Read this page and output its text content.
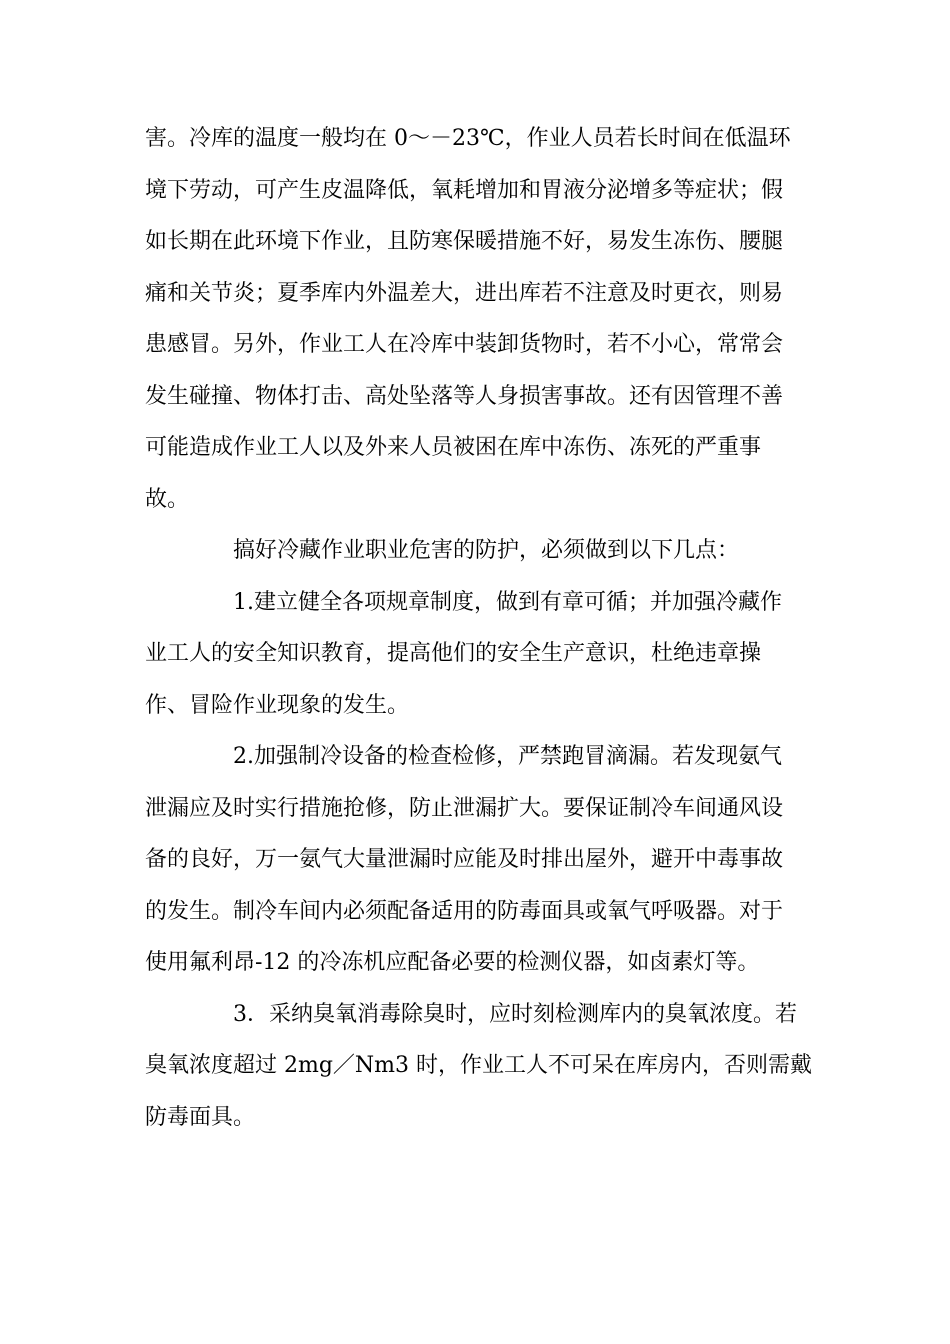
害。冷库的温度一般均在 0～－23℃，作业人员若长时间在低温环
境下劳动，可产生皮温降低，氧耗增加和胃液分泌增多等症状；假
如长期在此环境下作业，且防寒保暖措施不好，易发生冻伤、腰腿
痛和关节炎；夏季库内外温差大，进出库若不注意及时更衣，则易
患感冒。另外，作业工人在冷库中装卸货物时，若不小心，常常会
发生碰撞、物体打击、高处坠落等人身损害事故。还有因管理不善
可能造成作业工人以及外来人员被困在库中冻伤、冻死的严重事
故。
搞好冷藏作业职业危害的防护，必须做到以下几点：
1.建立健全各项规章制度，做到有章可循；并加强冷藏作
业工人的安全知识教育，提高他们的安全生产意识，杜绝违章操
作、冒险作业现象的发生。
2.加强制冷设备的检查检修，严禁跑冒滴漏。若发现氨气
泄漏应及时实行措施抢修，防止泄漏扩大。要保证制冷车间通风设
备的良好，万一氨气大量泄漏时应能及时排出屋外，避开中毒事故
的发生。制冷车间内必须配备适用的防毒面具或氧气呼吸器。对于
使用氟利昂-12 的冷冻机应配备必要的检测仪器，如卤素灯等。
3．采纳臭氧消毒除臭时，应时刻检测库内的臭氧浓度。若
臭氧浓度超过 2mg／Nm3 时，作业工人不可呆在库房内，否则需戴
防毒面具。
